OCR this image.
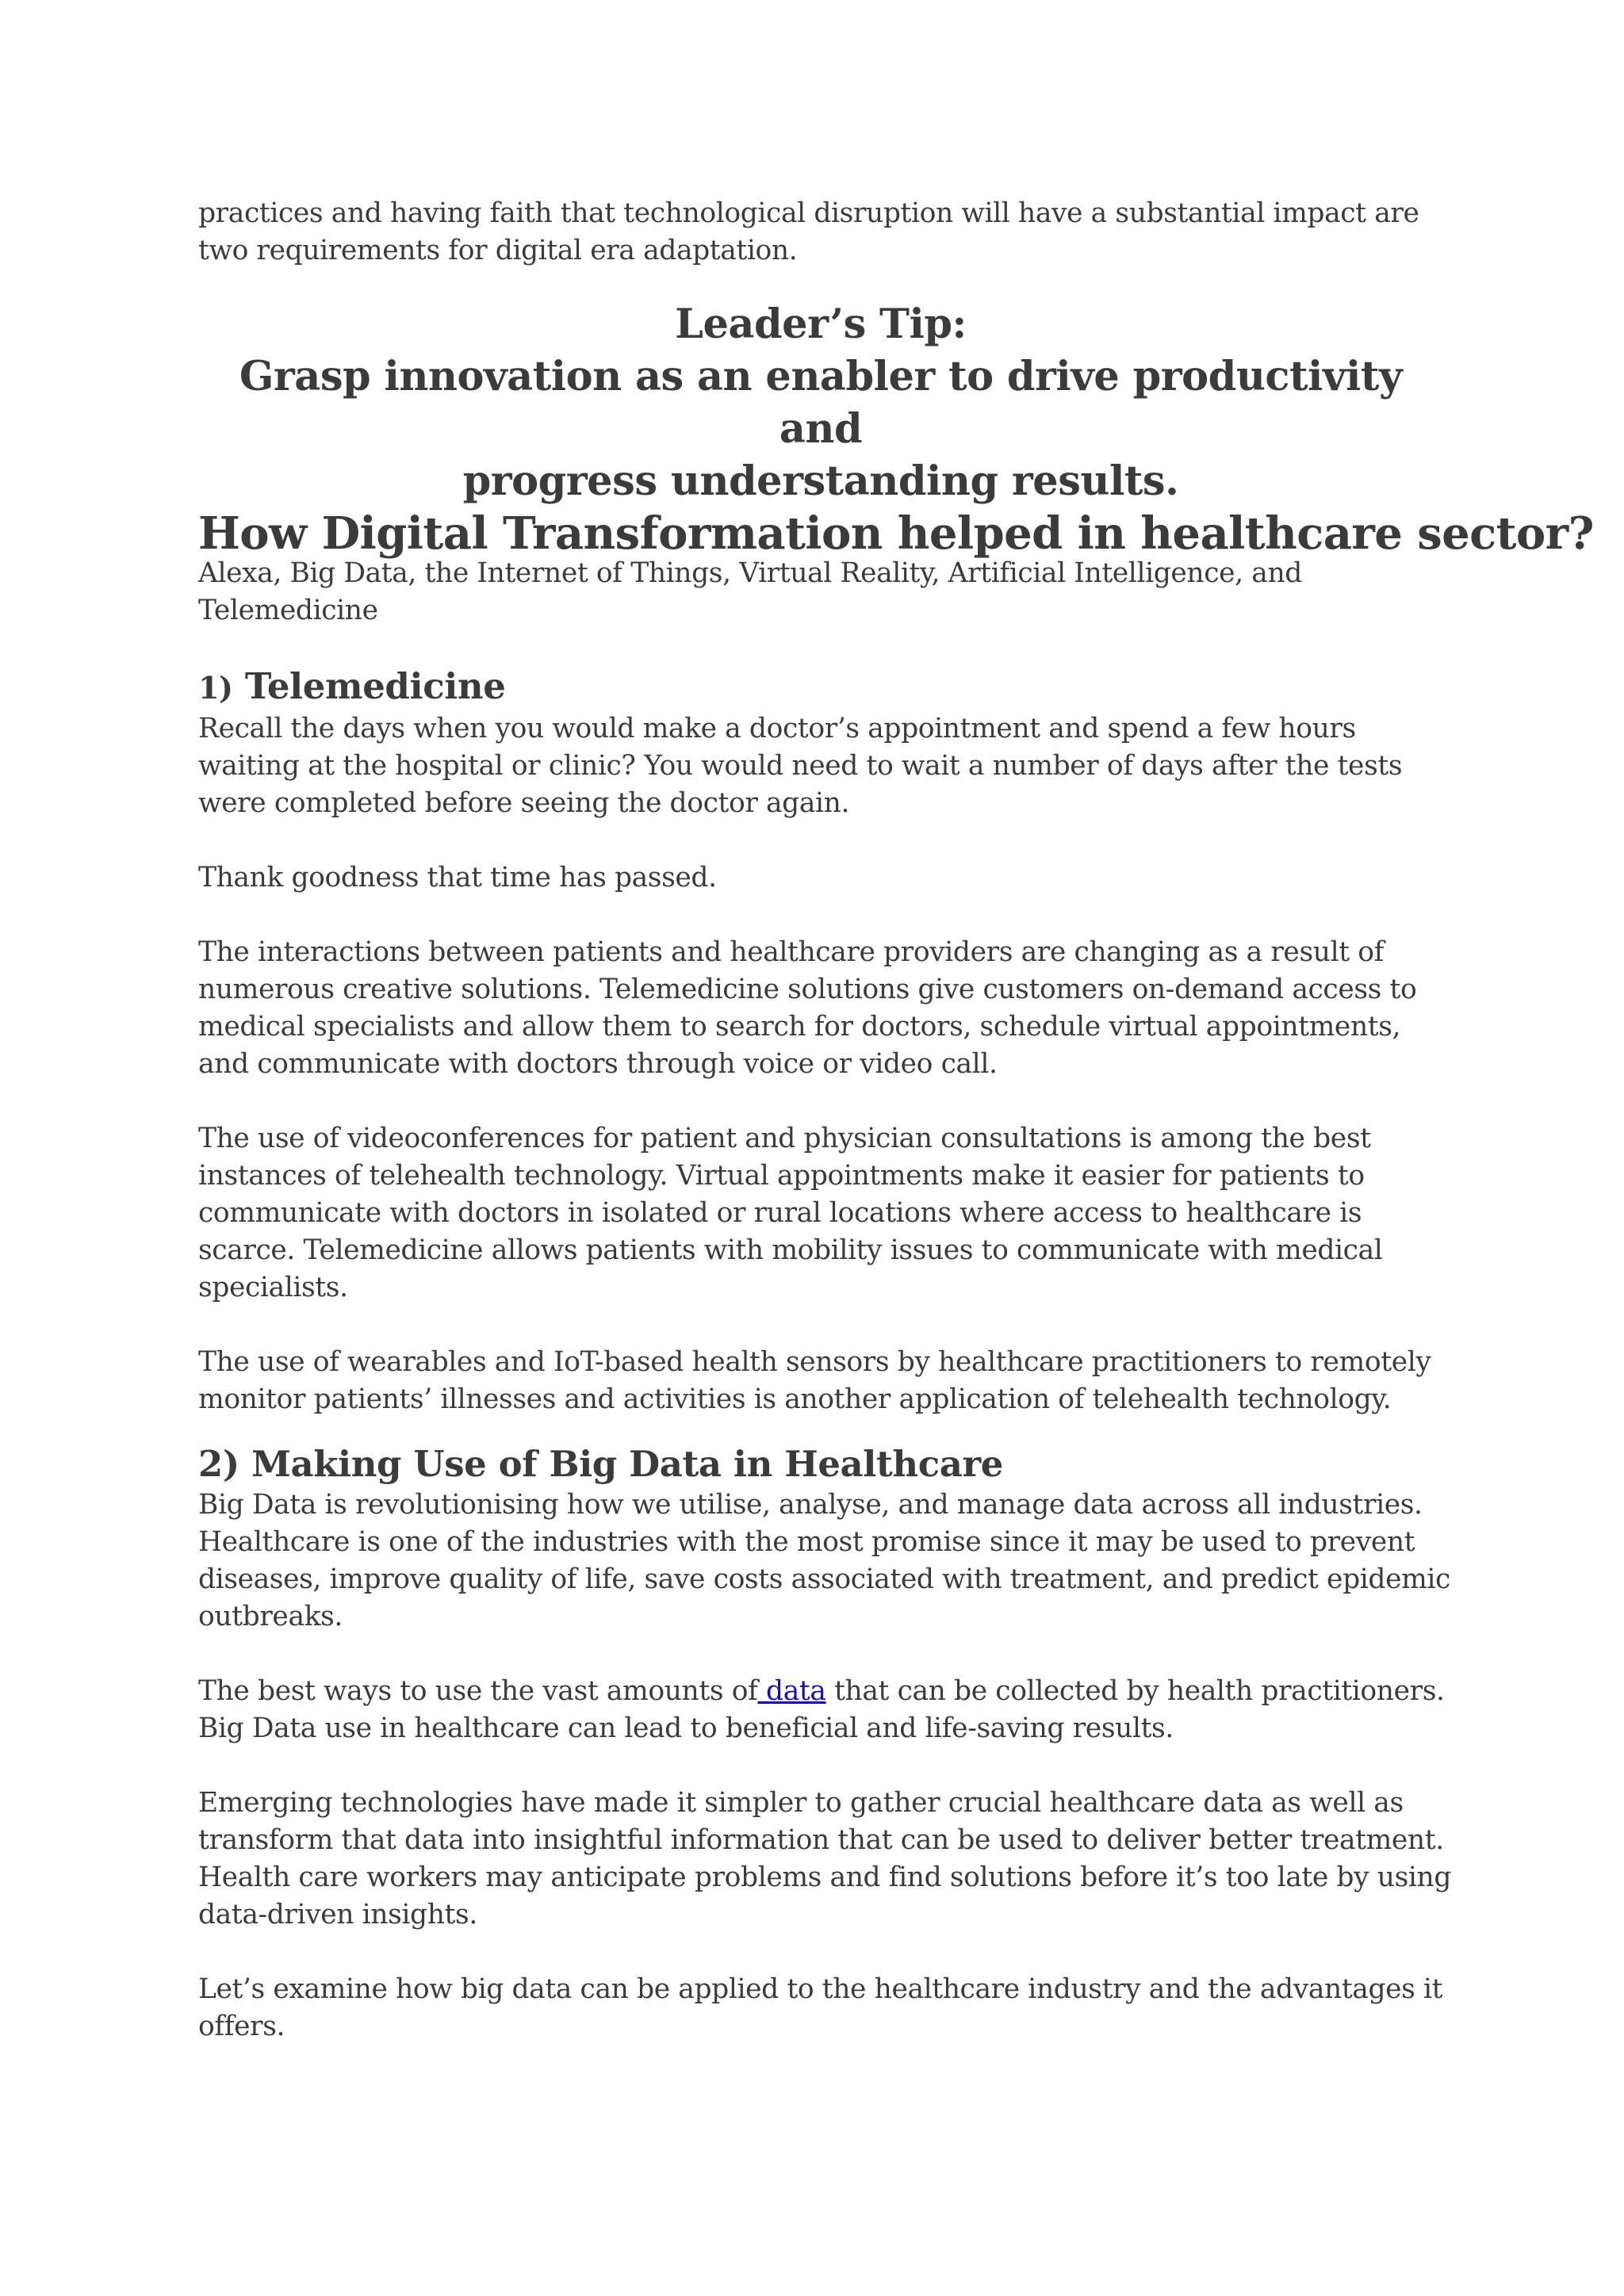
practices and having faith that technological disruption will have a substantial impact are
two requirements for digital era adaptation.

Leader’s Tip:

Grasp innovation as an enabler to drive productivity and

progress understanding results.

How Digital Transformation helped in healthcare sector?

Alexa, Big Data, the Internet of Things, Virtual Reality, Artificial Intelligence, and
Telemedicine

1) Telemedicine

Recall the days when you would make a doctor’s appointment and spend a few hours
waiting at the hospital or clinic? You would need to wait a number of days after the tests
were completed before seeing the doctor again.

Thank goodness that time has passed.

The interactions between patients and healthcare providers are changing as a result of
numerous creative solutions. Telemedicine solutions give customers on-demand access to
medical specialists and allow them to search for doctors, schedule virtual appointments,
and communicate with doctors through voice or video call.

The use of videoconferences for patient and physician consultations is among the best
instances of telehealth technology. Virtual appointments make it easier for patients to
communicate with doctors in isolated or rural locations where access to healthcare is
scarce. Telemedicine allows patients with mobility issues to communicate with medical
specialists.

The use of wearables and IoT-based health sensors by healthcare practitioners to remotely
monitor patients’ illnesses and activities is another application of telehealth technology.

2) Making Use of Big Data in Healthcare

Big Data is revolutionising how we utilise, analyse, and manage data across all industries.
Healthcare is one of the industries with the most promise since it may be used to prevent
diseases, improve quality of life, save costs associated with treatment, and predict epidemic
outbreaks.

The best ways to use the vast amounts of data that can be collected by health practitioners.
Big Data use in healthcare can lead to beneficial and life-saving results.

Emerging technologies have made it simpler to gather crucial healthcare data as well as
transform that data into insightful information that can be used to deliver better treatment.
Health care workers may anticipate problems and find solutions before it’s too late by using
data-driven insights.

Let’s examine how big data can be applied to the healthcare industry and the advantages it
offers.
